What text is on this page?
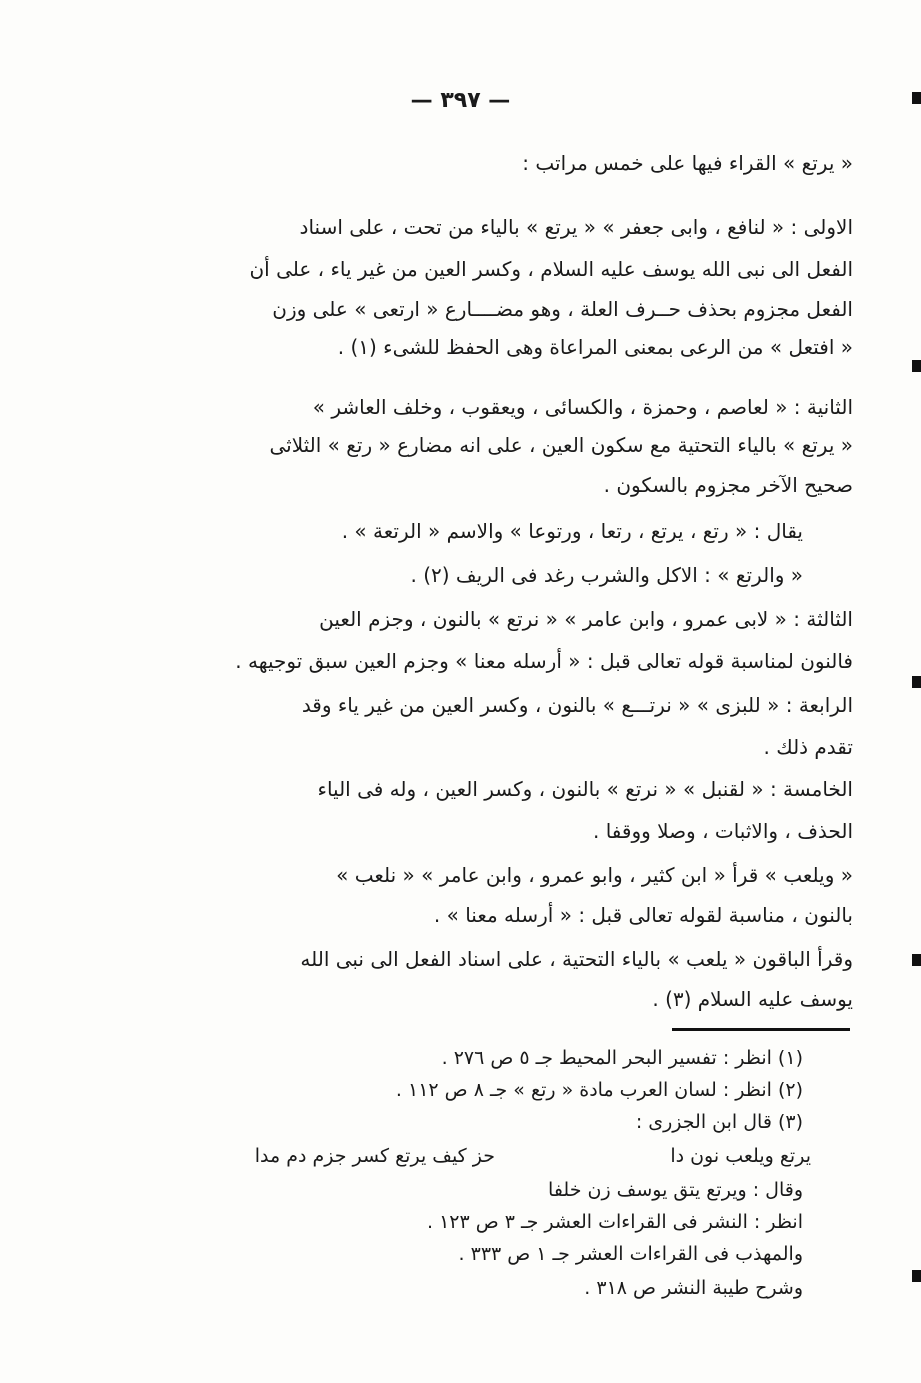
— ٣٩٧ —
« يرتع » القراء فيها على خمس مراتب :
الاولى : « لنافع ، وابى جعفر » « يرتع » بالياء من تحت ، على اسناد
الفعل الى نبى الله يوسف عليه السلام ، وكسر العين من غير ياء ، على أن
الفعل مجزوم بحذف حــرف العلة ، وهو مضــــارع « ارتعى » على وزن
« افتعل » من الرعى بمعنى المراعاة وهى الحفظ للشىء (١) .
الثانية : « لعاصم ، وحمزة ، والكسائى ، ويعقوب ، وخلف العاشر »
« يرتع » بالياء التحتية مع سكون العين ، على انه مضارع « رتع » الثلاثى
صحيح الآخر مجزوم بالسكون .
يقال : « رتع ، يرتع ، رتعا ، ورتوعا » والاسم « الرتعة » .
« والرتع » : الاكل والشرب رغد فى الريف (٢) .
الثالثة : « لابى عمرو ، وابن عامر » « نرتع » بالنون ، وجزم العين
فالنون لمناسبة قوله تعالى قبل : « أرسله معنا » وجزم العين سبق توجيهه .
الرابعة : « للبزى » « نرتـــع » بالنون ، وكسر العين من غير ياء وقد
تقدم ذلك .
الخامسة : « لقنبل » « نرتع » بالنون ، وكسر العين ، وله فى الياء
الحذف ، والاثبات ، وصلا ووقفا .
« ويلعب » قرأ « ابن كثير ، وابو عمرو ، وابن عامر » « نلعب »
بالنون ، مناسبة لقوله تعالى قبل : « أرسله معنا » .
وقرأ الباقون « يلعب » بالياء التحتية ، على اسناد الفعل الى نبى الله
يوسف عليه السلام (٣) .
(١) انظر : تفسير البحر المحيط جـ ٥ ص ٢٧٦ .
(٢) انظر : لسان العرب مادة « رتع » جـ ٨ ص ١١٢ .
(٣) قال ابن الجزرى :
يرتع ويلعب نون دا
حز كيف يرتع كسر جزم دم مدا
وقال : ويرتع يتق يوسف زن خلفا
انظر : النشر فى القراءات العشر جـ ٣ ص ١٢٣ .
والمهذب فى القراءات العشر جـ ١ ص ٣٣٣ .
وشرح طيبة النشر ص ٣١٨ .
